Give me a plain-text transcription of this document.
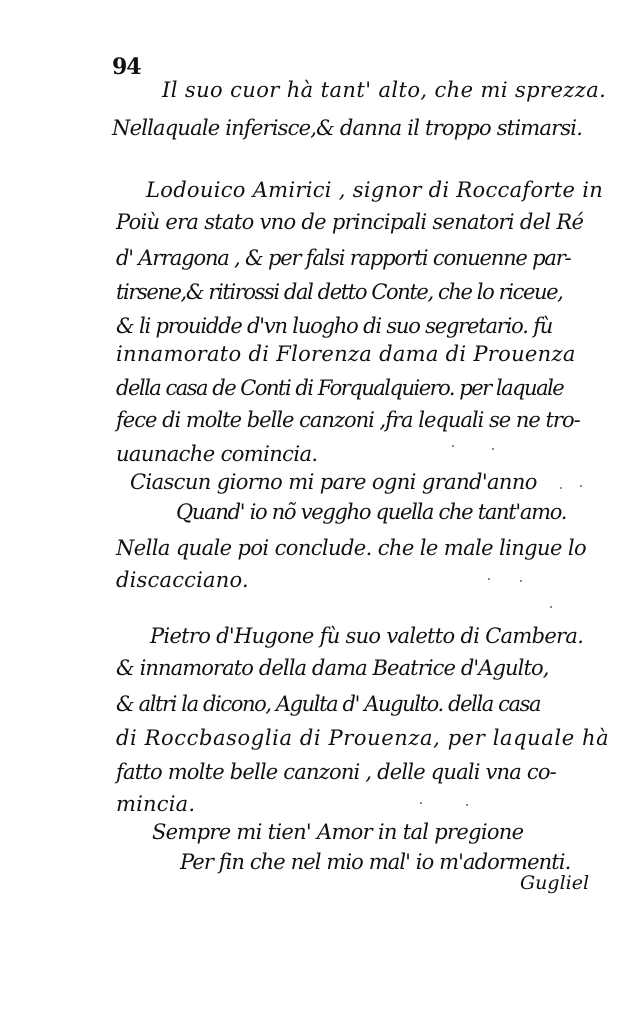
94
Il suo cuor hà tant' alto, che mi sprezza.
Nellaquale inferisce,& danna il troppo stimarsi.
Lodouico Amirici , signor di Roccaforte in
Poiù era stato vno de principali senatori del Ré
d' Arragona , & per falsi rapporti conuenne par-
tirsene,& ritirossi dal detto Conte, che lo riceue,
& li prouidde d'vn luogho di suo segretario. fù
innamorato di Florenza dama di Prouenza
della casa de Conti di Forqualquiero. per laquale
fece di molte belle canzoni ,fra lequali se ne tro-
uaunache comincia.
Ciascun giorno mi pare ogni grand'anno
Quand' io nõ veggho quella che tant'amo.
Nella quale poi conclude. che le male lingue lo
discacciano.
Pietro d'Hugone fù suo valetto di Cambera.
& innamorato della dama Beatrice d'Agulto,
& altri la dicono, Agulta d' Augulto. della casa
di Roccbasoglia di Prouenza, per laquale hà
fatto molte belle canzoni , delle quali vna co-
mincia.
Sempre mi tien' Amor in tal pregione
Per fin che nel mio mal' io m'adormenti.
Gugliel
